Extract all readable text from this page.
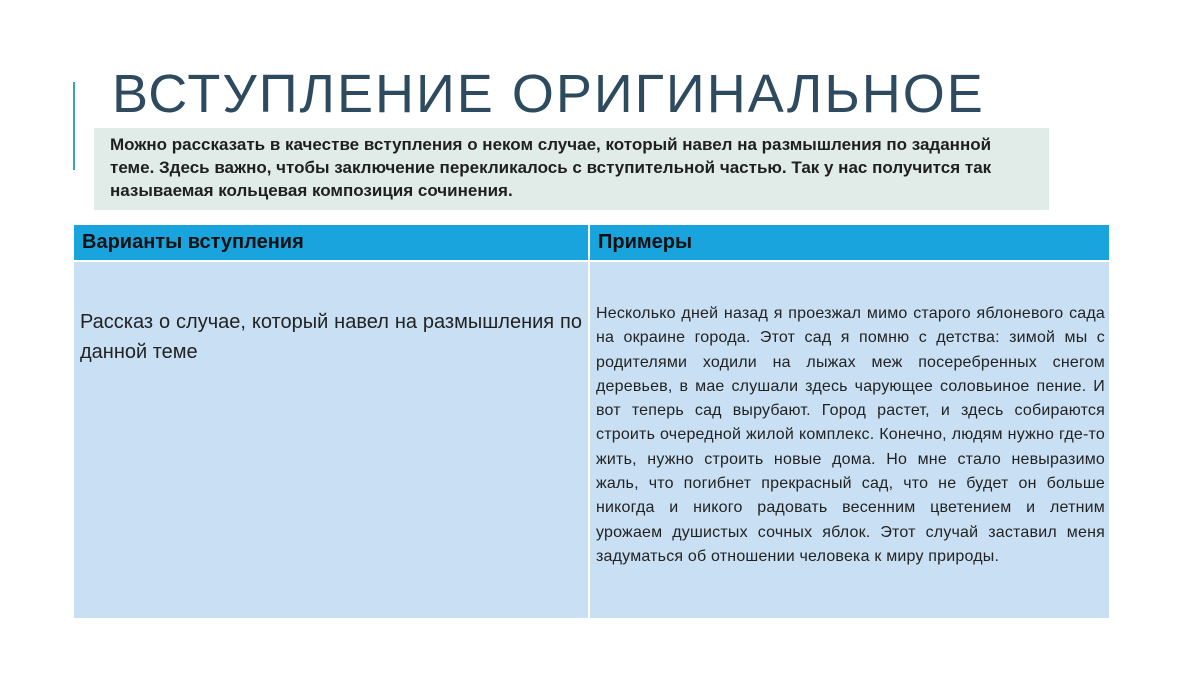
ВСТУПЛЕНИЕ ОРИГИНАЛЬНОЕ
Можно рассказать в качестве вступления о неком случае, который навел на размышления по заданной теме. Здесь важно, чтобы заключение перекликалось с вступительной частью. Так у нас получится так называемая кольцевая композиция сочинения.
Варианты вступления	Примеры
Рассказ о случае, который навел на размышления по данной теме
Несколько дней назад я проезжал мимо старого яблоневого сада на окраине города. Этот сад я помню с детства: зимой мы с родителями ходили на лыжах меж посеребренных снегом деревьев, в мае слушали здесь чарующее соловьиное пение. И вот теперь сад вырубают. Город растет, и здесь собираются строить очередной жилой комплекс. Конечно, людям нужно где-то жить, нужно строить новые дома. Но мне стало невыразимо жаль, что погибнет прекрасный сад, что не будет он больше никогда и никого радовать весенним цветением и летним урожаем душистых сочных яблок. Этот случай заставил меня задуматься об отношении человека к миру природы.
